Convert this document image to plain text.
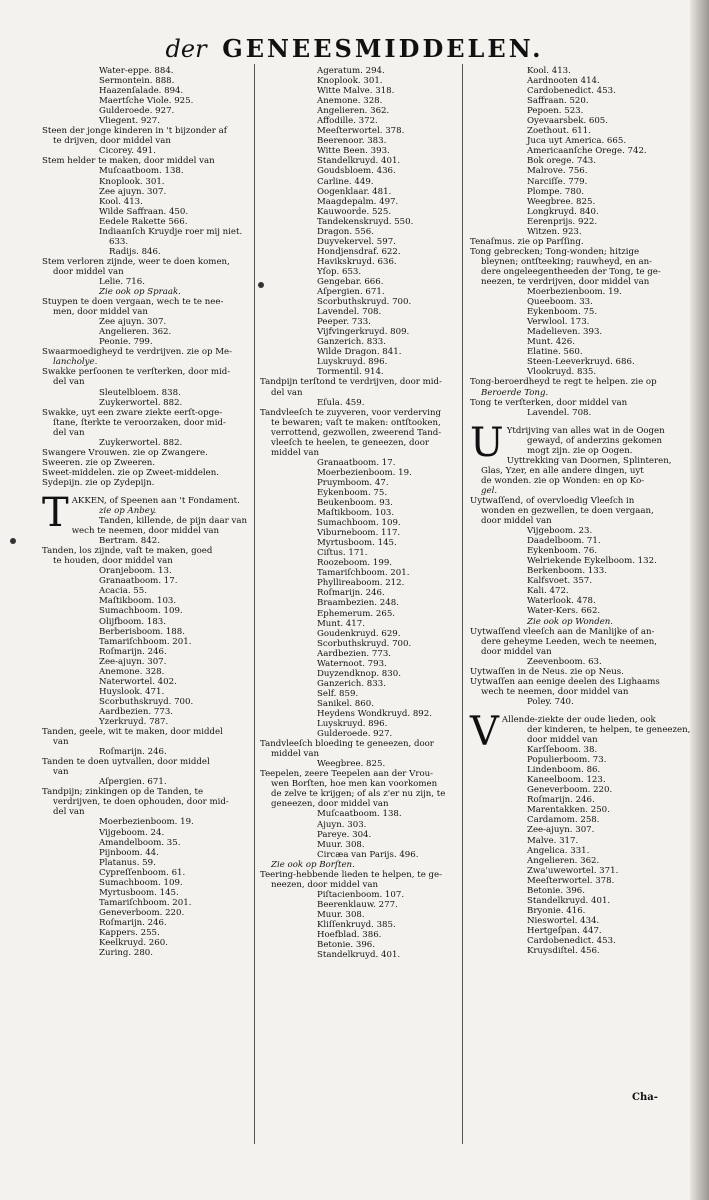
der GENEESMIDDELEN.
Water-eppe. 884.
Sermontein. 888.
Haazenſalade. 894.
Maertſche Viole. 925.
Gulderoede. 927.
Vliegent. 927.
Steen der jonge kinderen in 't bijzonder af
te drijven, door middel van
Cicorey. 491.
Stem helder te maken, door middel van
Muſcaatboom. 138.
Knoplook. 301.
Zee ajuyn. 307.
Kool. 413.
Wilde Saffraan. 450.
Eedele Rakette 566.
Indiaanſch Kruydje roer mij niet.
633.
Radijs. 846.
Stem verloren zijnde, weer te doen komen,
door middel van
Lelie. 716.
Zie ook op Spraak.
Stuypen te doen vergaan, wech te te nee-
men, door middel van
Zee ajuyn. 307.
Angelieren. 362.
Peonie. 799.
Swaarmoedigheyd te verdrijven. zie op Me-
lancholye.
Swakke perſoonen te verſterken, door mid-
del van
Sleutelbloem. 838.
Zuykerwortel. 882.
Swakke, uyt een zware ziekte eerſt-opge-
ſtane, ſterkte te veroorzaken, door mid-
del van
Zuykerwortel. 882.
Swangere Vrouwen. zie op Zwangere.
Sweeren. zie op Zweeren.
Sweet-middelen. zie op Zweet-middelen.
Sydepijn. zie op Zydepijn.

TAKKEN, of Speenen aan 't Fondament.
zie op Anbey.
Tanden, killende, de pijn daar van
wech te neemen, door middel van
Bertram. 842.
Tanden, los zijnde, vaſt te maken, goed
te houden, door middel van
Oranjeboom. 13.
Granaatboom. 17.
Acacia. 55.
Maſtikboom. 103.
Sumachboom. 109.
Olijfboom. 183.
Berberisboom. 188.
Tamariſchboom. 201.
Roſmarijn. 246.
Zee-ajuyn. 307.
Anemone. 328.
Naterwortel. 402.
Huyslook. 471.
Scorbuthskruyd. 700.
Aardbezien. 773.
Yzerkruyd. 787.
Tanden, geele, wit te maken, door middel
van
Roſmarijn. 246.
Tanden te doen uytvallen, door middel
van
Aſpergien. 671.
Tandpijn; zinkingen op de Tanden, te
verdrijven, te doen ophouden, door mid-
del van
Moerbezienboom. 19.
Vijgeboom. 24.
Amandelboom. 35.
Pijnboom. 44.
Platanus. 59.
Cypreſſenboom. 61.
Sumachboom. 109.
Myrtusboom. 145.
Tamariſchboom. 201.
Geneverboom. 220.
Roſmarijn. 246.
Kappers. 255.
Keelkruyd. 260.
Zuring. 280.
Ageratum. 294.
Knoplook. 301.
Witte Malve. 318.
Anemone. 328.
Angelieren. 362.
Affodille. 372.
Meeſterwortel. 378.
Beerenoor. 383.
Witte Been. 393.
Standelkruyd. 401.
Goudsbloem. 436.
Carline. 449.
Oogenklaar. 481.
Maagdepalm. 497.
Kauwoorde. 525.
Tandekenskruyd. 550.
Dragon. 556.
Duyvekervel. 597.
Hondjensdraf. 622.
Havikskruyd. 636.
Yſop. 653.
Gengebar. 666.
Aſpergien. 671.
Scorbuthskruyd. 700.
Lavendel. 708.
Peeper. 733.
Vijfvingerkruyd. 809.
Ganzerich. 833.
Wilde Dragon. 841.
Luyskruyd. 896.
Tormentil. 914.
Tandpijn terſtond te verdrijven, door mid-
del van
Eſula. 459.
Tandvleeſch te zuyveren, voor verderving
te bewaren; vaſt te maken: ontſtooken,
verrottend, gezwollen, zweerend Tand-
vleeſch te heelen, te geneezen, door
middel van
Granaatboom. 17.
Moerbezienboom. 19.
Pruymboom. 47.
Eykenboom. 75.
Beukenboom. 93.
Maſtikboom. 103.
Sumachboom. 109.
Viburneboom. 117.
Myrtusboom. 145.
Ciſtus. 171.
Roozeboom. 199.
Tamariſchboom. 201.
Phyllireaboom. 212.
Roſmarijn. 246.
Braambezien. 248.
Ephemerum. 265.
Munt. 417.
Goudenkruyd. 629.
Scorbuthskruyd. 700.
Aardbezien. 773.
Waternoot. 793.
Duyzendknop. 830.
Ganzerich. 833.
Self. 859.
Sanikel. 860.
Heydens Wondkruyd. 892.
Luyskruyd. 896.
Gulderoede. 927.
Tandvleeſch bloeding te geneezen, door
middel van
Weegbree. 825.
Teepelen, zeere Teepelen aan der Vrou-
wen Borſten, hoe men kan voorkomen
de zelve te krijgen; of als z'er nu zijn, te
geneezen, door middel van
Muſcaatboom. 138.
Ajuyn. 303.
Pareye. 304.
Muur. 308.
Circæa van Parijs. 496.
Zie ook op Borſten.
Teering-hebbende lieden te helpen, te ge-
neezen, door middel van
Piſtacienboom. 107.
Beerenklauw. 277.
Muur. 308.
Kliſſenkruyd. 385.
Hoefblad. 386.
Betonie. 396.
Standelkruyd. 401.
Kool. 413.
Aardnooten 414.
Cardobenedict. 453.
Saffraan. 520.
Pepoen. 523.
Oyevaarsbek. 605.
Zoethout. 611.
Juca uyt America. 665.
Americaanſche Orege. 742.
Bok orege. 743.
Malrove. 756.
Narciſſe. 779.
Plompe. 780.
Weegbree. 825.
Longkruyd. 840.
Eerenprijs. 922.
Witzen. 923.
Tenaſmus. zie op Parſſing.
Tong gebrecken; Tong-wonden; hitzige
bleynen; ontſteeking; rauwheyd, en an-
dere ongeleegentheeden der Tong, te ge-
neezen, te verdrijven, door middel van
Moerbezienboom. 19.
Queeboom. 33.
Eykenboom. 75.
Verwlool. 173.
Madelieven. 393.
Munt. 426.
Elatine. 560.
Steen-Leeverkruyd. 686.
Vlookruyd. 835.
Tong-beroerdheyd te regt te helpen. zie op
Beroerde Tong.
Tong te verſterken, door middel van
Lavendel. 708.

U Ytdrijving van alles wat in de Oogen
gewayd, of anderzins gekomen
mogt zijn. zie op Oogen.
Uyttrekking van Doornen, Splinteren,
Glas, Yzer, en alle andere dingen, uyt
de wonden. zie op Wonden: en op Ko-
gel.
Uytwaſſend, of overvloedig Vleeſch in
wonden en gezwellen, te doen vergaan,
door middel van
Vijgeboom. 23.
Daadelboom. 71.
Eykenboom. 76.
Welriekende Eykelboom. 132.
Berkenboom. 133.
Kalfsvoet. 357.
Kali. 472.
Waterlook. 478.
Water-Kers. 662.
Zie ook op Wonden.
Uytwaſſend vleeſch aan de Manlijke of an-
dere geheyme Leeden, wech te neemen,
door middel van
Zeevenboom. 63.
Uytwaſſen in de Neus. zie op Neus.
Uytwaſſen aan eenige deelen des Lighaams
wech te neemen, door middel van
Poley. 740.

V Allende-ziekte der oude lieden, ook
der kinderen, te helpen, te geneezen,
door middel van
Karſſeboom. 38.
Populierboom. 73.
Lindenboom. 86.
Kaneelboom. 123.
Geneverboom. 220.
Roſmarijn. 246.
Marentakken. 250.
Cardamom. 258.
Zee-ajuyn. 307.
Malve. 317.
Angelica. 331.
Angelieren. 362.
Zwa'uwewortel. 371.
Meeſterwortel. 378.
Betonie. 396.
Standelkruyd. 401.
Bryonie. 416.
Nieswortel. 434.
Hertgeſpan. 447.
Cardobenedict. 453.
Kruysdiſtel. 456.
Cha-
